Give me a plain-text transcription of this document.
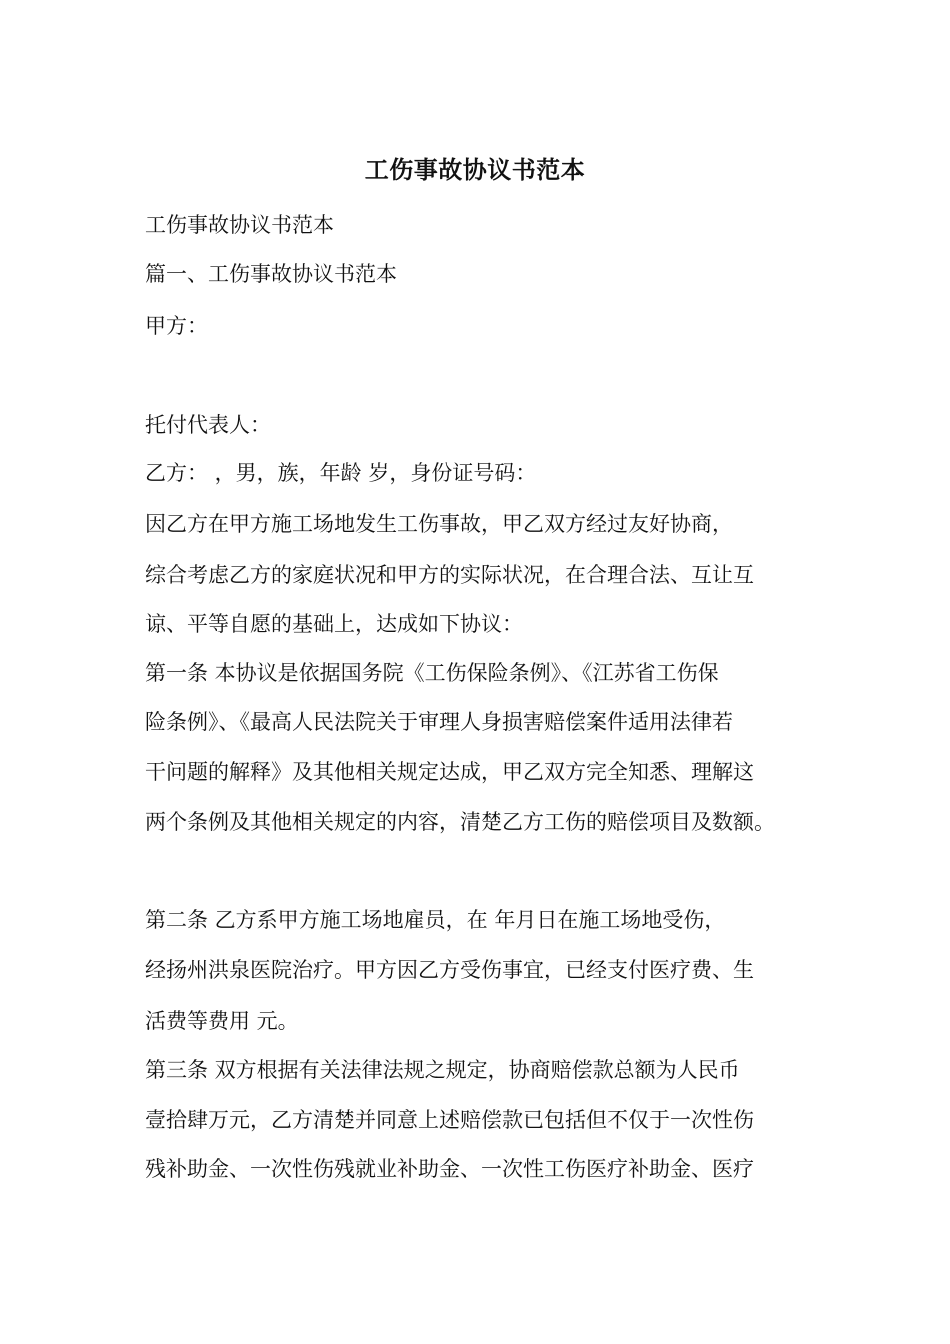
工伤事故协议书范本
工伤事故协议书范本
篇一、工伤事故协议书范本
甲方：
托付代表人：
乙方： ，男，族，年龄 岁，身份证号码：
因乙方在甲方施工场地发生工伤事故，甲乙双方经过友好协商，
综合考虑乙方的家庭状况和甲方的实际状况，在合理合法、互让互
谅、平等自愿的基础上，达成如下协议：
第一条 本协议是依据国务院《工伤保险条例》、《江苏省工伤保
险条例》、《最高人民法院关于审理人身损害赔偿案件适用法律若
干问题的解释》及其他相关规定达成，甲乙双方完全知悉、理解这
两个条例及其他相关规定的内容，清楚乙方工伤的赔偿项目及数额。
第二条 乙方系甲方施工场地雇员，在 年月日在施工场地受伤，
经扬州洪泉医院治疗。甲方因乙方受伤事宜，已经支付医疗费、生
活费等费用 元。
第三条 双方根据有关法律法规之规定，协商赔偿款总额为人民币
壹拾肆万元，乙方清楚并同意上述赔偿款已包括但不仅于一次性伤
残补助金、一次性伤残就业补助金、一次性工伤医疗补助金、医疗
